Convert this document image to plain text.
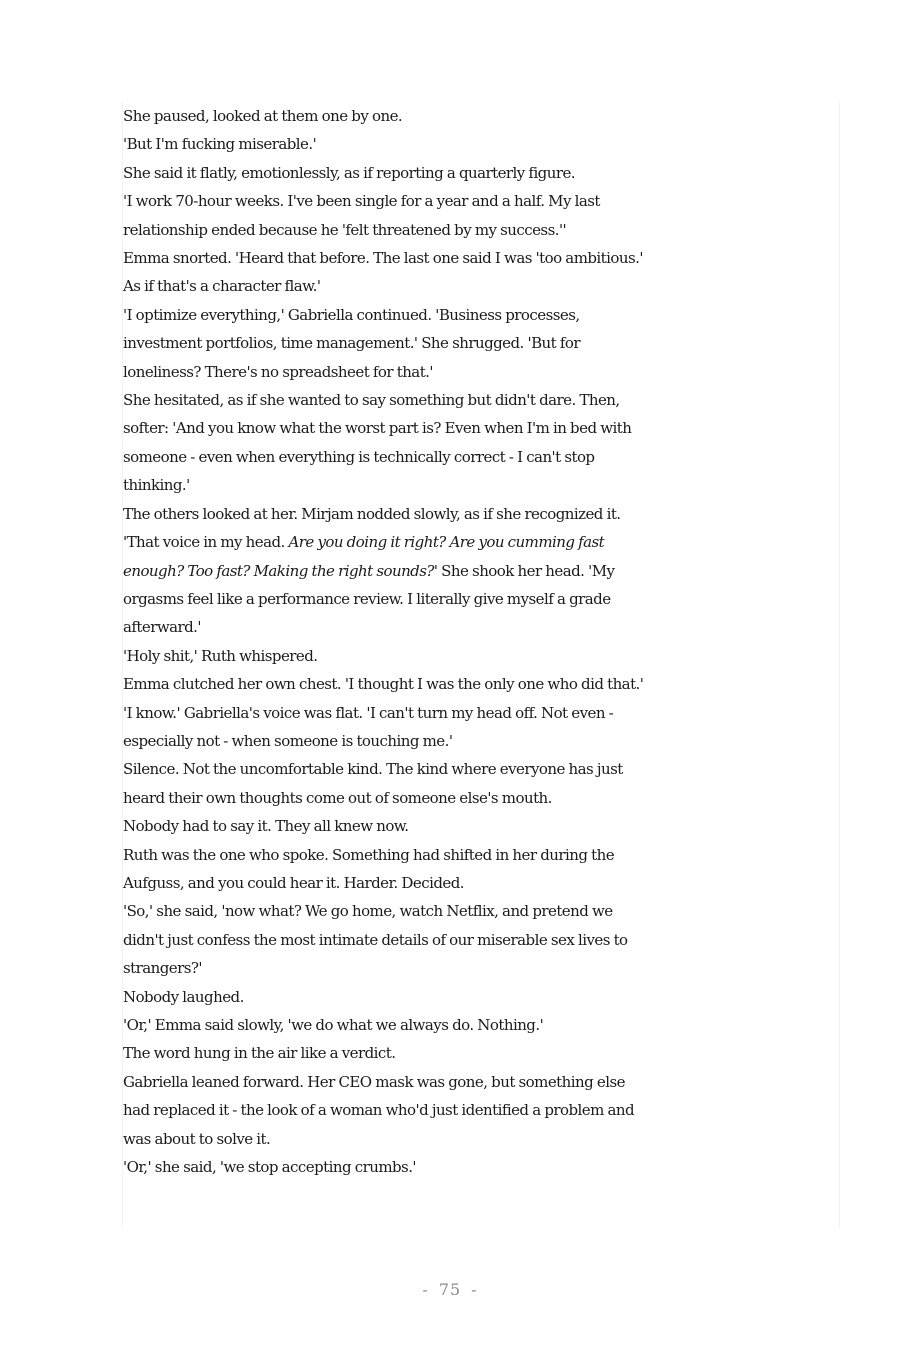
She paused, looked at them one by one.
'But I'm fucking miserable.'
She said it flatly, emotionlessly, as if reporting a quarterly figure.
'I work 70-hour weeks. I've been single for a year and a half. My last
relationship ended because he 'felt threatened by my success.''
Emma snorted. 'Heard that before. The last one said I was 'too ambitious.'
As if that's a character flaw.'
'I optimize everything,' Gabriella continued. 'Business processes,
investment portfolios, time management.' She shrugged. 'But for
loneliness? There's no spreadsheet for that.'
She hesitated, as if she wanted to say something but didn't dare. Then,
softer: 'And you know what the worst part is? Even when I'm in bed with
someone - even when everything is technically correct - I can't stop
thinking.'
The others looked at her. Mirjam nodded slowly, as if she recognized it.
'That voice in my head. Are you doing it right? Are you cumming fast
enough? Too fast? Making the right sounds?' She shook her head. 'My
orgasms feel like a performance review. I literally give myself a grade
afterward.'
'Holy shit,' Ruth whispered.
Emma clutched her own chest. 'I thought I was the only one who did that.'
'I know.' Gabriella's voice was flat. 'I can't turn my head off. Not even -
especially not - when someone is touching me.'
Silence. Not the uncomfortable kind. The kind where everyone has just
heard their own thoughts come out of someone else's mouth.
Nobody had to say it. They all knew now.
Ruth was the one who spoke. Something had shifted in her during the
Aufguss, and you could hear it. Harder. Decided.
'So,' she said, 'now what? We go home, watch Netflix, and pretend we
didn't just confess the most intimate details of our miserable sex lives to
strangers?'
Nobody laughed.
'Or,' Emma said slowly, 'we do what we always do. Nothing.'
The word hung in the air like a verdict.
Gabriella leaned forward. Her CEO mask was gone, but something else
had replaced it - the look of a woman who'd just identified a problem and
was about to solve it.
'Or,' she said, 'we stop accepting crumbs.'
- 75 -
